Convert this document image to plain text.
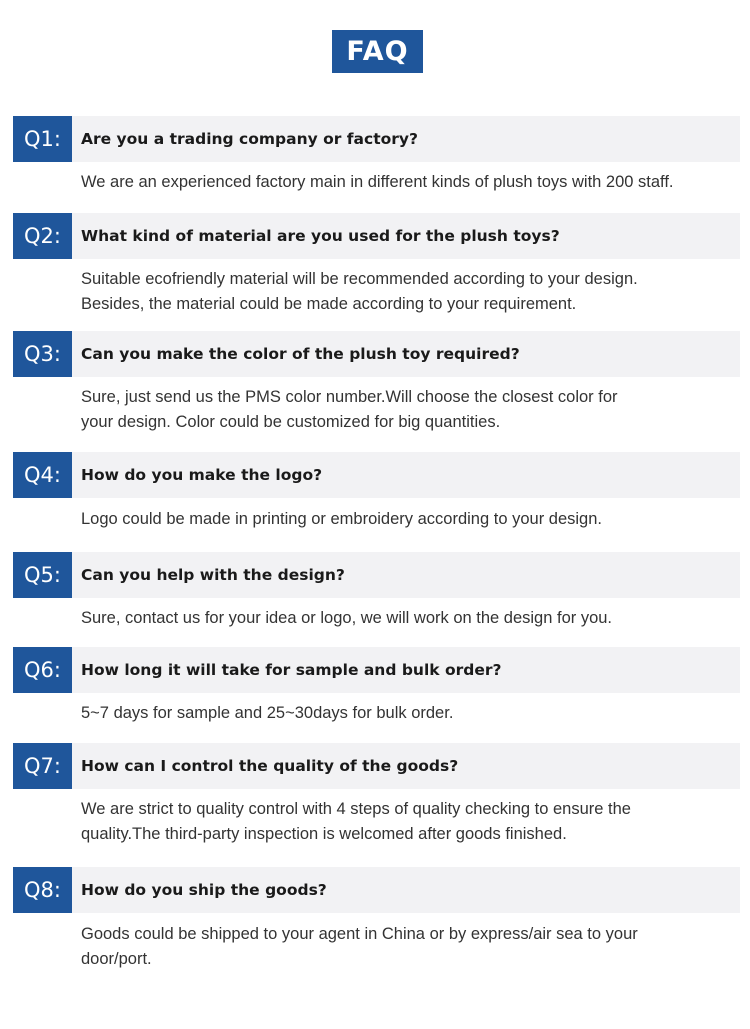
FAQ
Q1:	Are you a trading company or factory?
We are an experienced factory main in different kinds of plush toys with 200 staff.
Q2:	What kind of material are you used for the plush toys?
Suitable ecofriendly material will be recommended according to your design.
Besides, the material could be made according to your requirement.
Q3:	Can you make the color of the plush toy required?
Sure, just send us the PMS color number.Will choose the closest color for
your design. Color could be customized for big quantities.
Q4:	How do you make the logo?
Logo could be made in printing or embroidery according to your design.
Q5:	Can you help with the design?
Sure, contact us for your idea or logo, we will work on the design for you.
Q6:	How long it will take for sample and bulk order?
5~7 days for sample and 25~30days for bulk order.
Q7:	How can I control the quality of the goods?
We are strict to quality control with 4 steps of quality checking to ensure the
quality.The third-party inspection is welcomed after goods finished.
Q8:	How do you ship the goods?
Goods could be shipped to your agent in China or by express/air sea to your
door/port.
